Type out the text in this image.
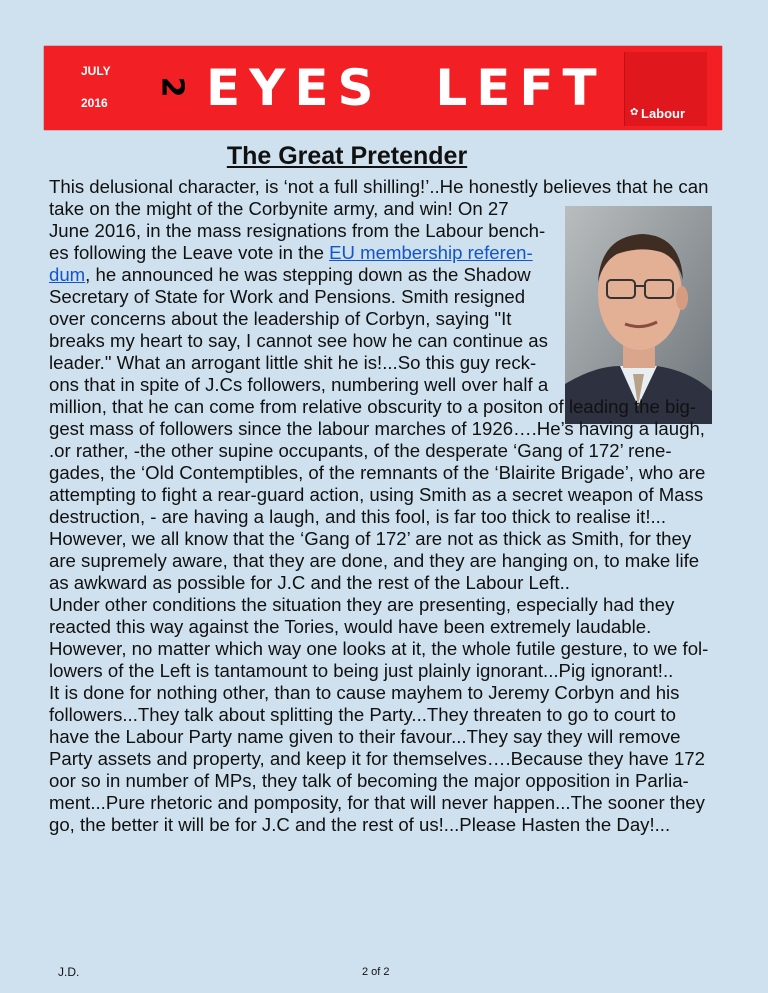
JULY
2016
2 EYES  LEFT ✿ Labour
The Great Pretender
This delusional character, is ‘not a full shilling!’..He honestly believes that he can
take on the might of the Corbynite army, and win! On 27
June 2016, in the mass resignations from the Labour bench-
es following the Leave vote in the EU membership referen-
dum, he announced he was stepping down as the Shadow
Secretary of State for Work and Pensions. Smith resigned
over concerns about the leadership of Corbyn, saying "It
breaks my heart to say, I cannot see how he can continue as
leader." What an arrogant little shit he is!...So this guy reck-
ons that in spite of J.Cs followers, numbering well over half a
million, that he can come from relative obscurity to a positon of leading the big-
gest mass of followers since the labour marches of 1926….He’s having a laugh,
.or rather, -the other supine occupants, of the desperate ‘Gang of 172’ rene-
gades, the ‘Old Contemptibles, of the remnants of the ‘Blairite Brigade’, who are
attempting to fight a rear-guard action, using Smith as a secret weapon of Mass
destruction, - are having a laugh, and this fool, is far too thick to realise it!...
However, we all know that the ‘Gang of 172’ are not as thick as Smith, for they
are supremely aware, that they are done, and they are hanging on, to make life
as awkward as possible for J.C and the rest of the Labour Left..
Under other conditions the situation they are presenting, especially had they
reacted this way against the Tories, would have been extremely laudable.
However, no matter which way one looks at it, the whole futile gesture, to we fol-
lowers of the Left is tantamount to being just plainly ignorant...Pig ignorant!..
It is done for nothing other, than to cause mayhem to Jeremy Corbyn and his
followers...They talk about splitting the Party...They threaten to go to court to
have the Labour Party name given to their favour...They say they will remove
Party assets and property, and keep it for themselves….Because they have 172
oor so in number of MPs, they talk of becoming the major opposition in Parlia-
ment...Pure rhetoric and pomposity, for that will never happen...The sooner they
go, the better it will be for J.C and the rest of us!...Please Hasten the Day!...
J.D.	2 of 2
